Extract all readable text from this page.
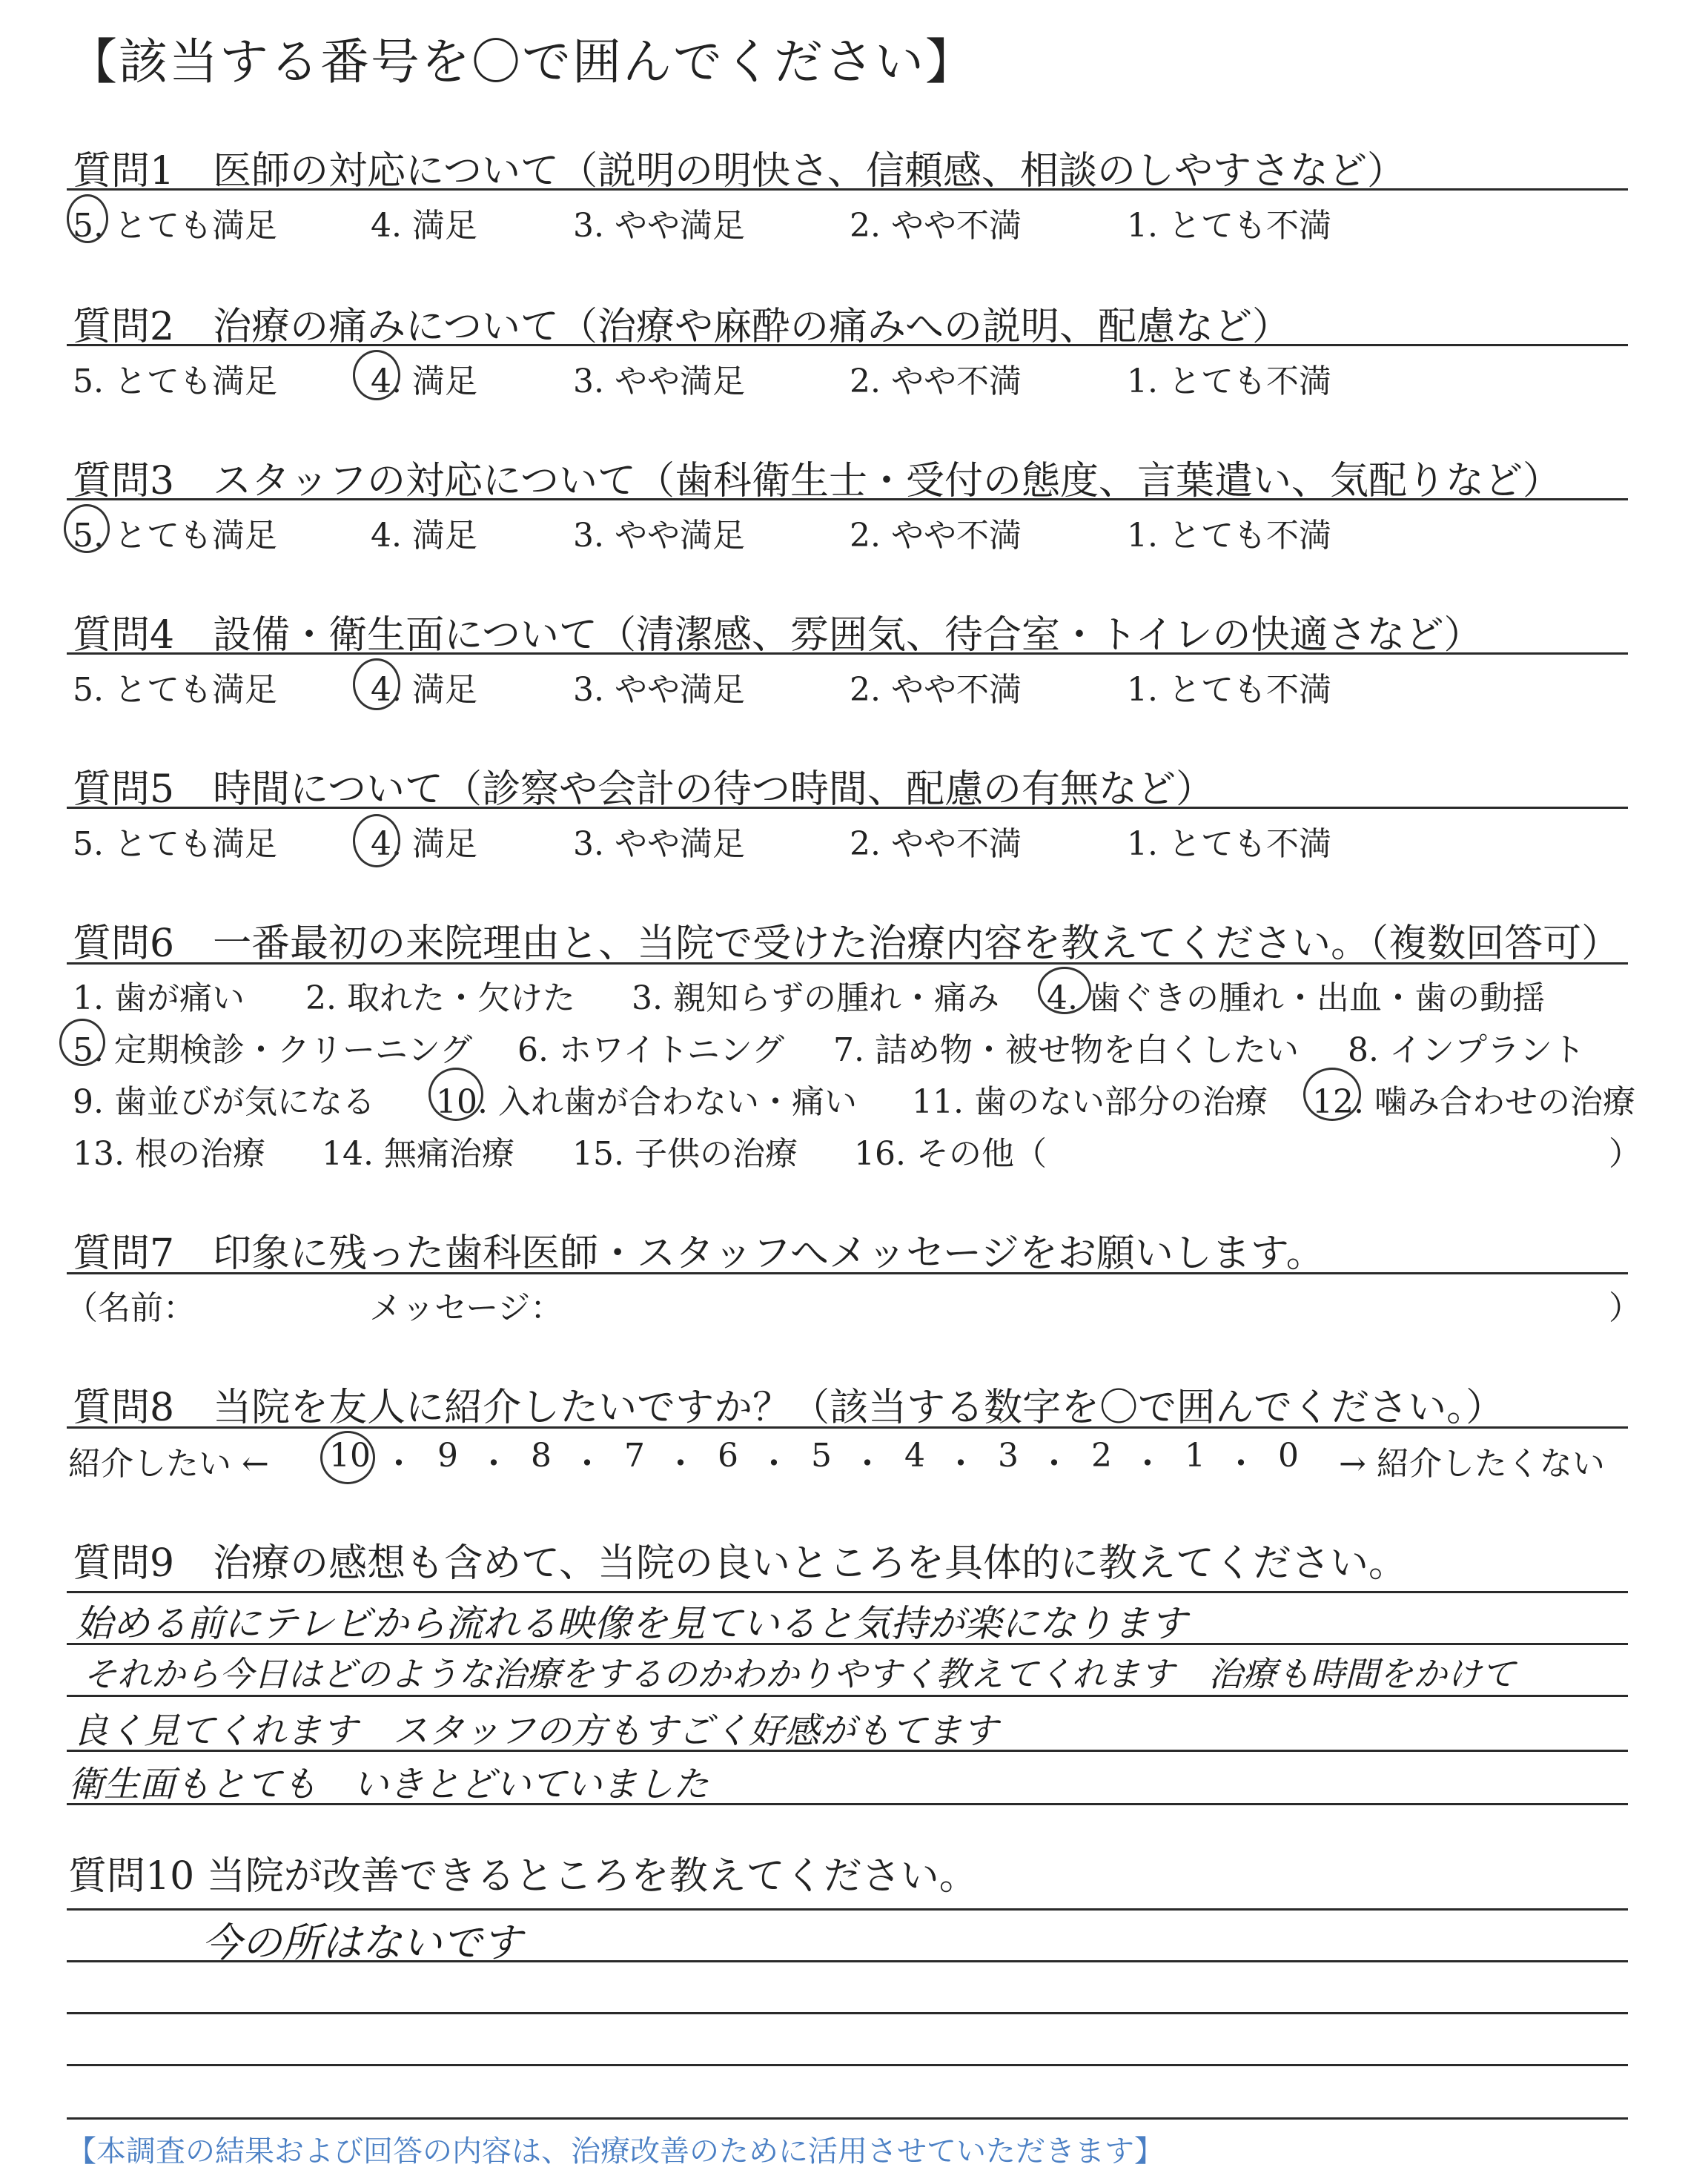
【該当する番号を〇で囲んでください】
質問1　医師の対応について（説明の明快さ、信頼感、相談のしやすさなど）
5. とても満足	4. 満足	3. やや満足	2. やや不満	1. とても不満
質問2　治療の痛みについて（治療や麻酔の痛みへの説明、配慮など）
5. とても満足	4. 満足	3. やや満足	2. やや不満	1. とても不満
質問3　スタッフの対応について（歯科衛生士・受付の態度、言葉遣い、気配りなど）
5. とても満足	4. 満足	3. やや満足	2. やや不満	1. とても不満
質問4　設備・衛生面について（清潔感、雰囲気、待合室・トイレの快適さなど）
5. とても満足	4. 満足	3. やや満足	2. やや不満	1. とても不満
質問5　時間について（診察や会計の待つ時間、配慮の有無など）
5. とても満足	4. 満足	3. やや満足	2. やや不満	1. とても不満
質問6　一番最初の来院理由と、当院で受けた治療内容を教えてください。（複数回答可）
1. 歯が痛い 2. 取れた・欠けた 3. 親知らずの腫れ・痛み 4. 歯ぐきの腫れ・出血・歯の動揺
5. 定期検診・クリーニング 6. ホワイトニング 7. 詰め物・被せ物を白くしたい 8. インプラント
9. 歯並びが気になる 10. 入れ歯が合わない・痛い 11. 歯のない部分の治療 12. 噛み合わせの治療
13. 根の治療 14. 無痛治療 15. 子供の治療 16. その他（	）
質問7　印象に残った歯科医師・スタッフへメッセージをお願いします。
（名前：	メッセージ：	）
質問8　当院を友人に紹介したいですか？（該当する数字を〇で囲んでください。）
紹介したい ← 10 ・ 9 ・ 8 ・ 7 ・ 6 ・ 5 ・ 4 ・ 3 ・ 2 ・ 1 ・ 0 → 紹介したくない
質問9　治療の感想も含めて、当院の良いところを具体的に教えてください。
始める前にテレビから流れる映像を見ていると気持が楽になります
それから今日はどのような治療をするのかわかりやすく教えてくれます　治療も時間をかけて
良く見てくれます　スタッフの方もすごく好感がもてます
衛生面もとても　いきとどいていました
質問10 当院が改善できるところを教えてください。
今の所はないです
【本調査の結果および回答の内容は、治療改善のために活用させていただきます】
